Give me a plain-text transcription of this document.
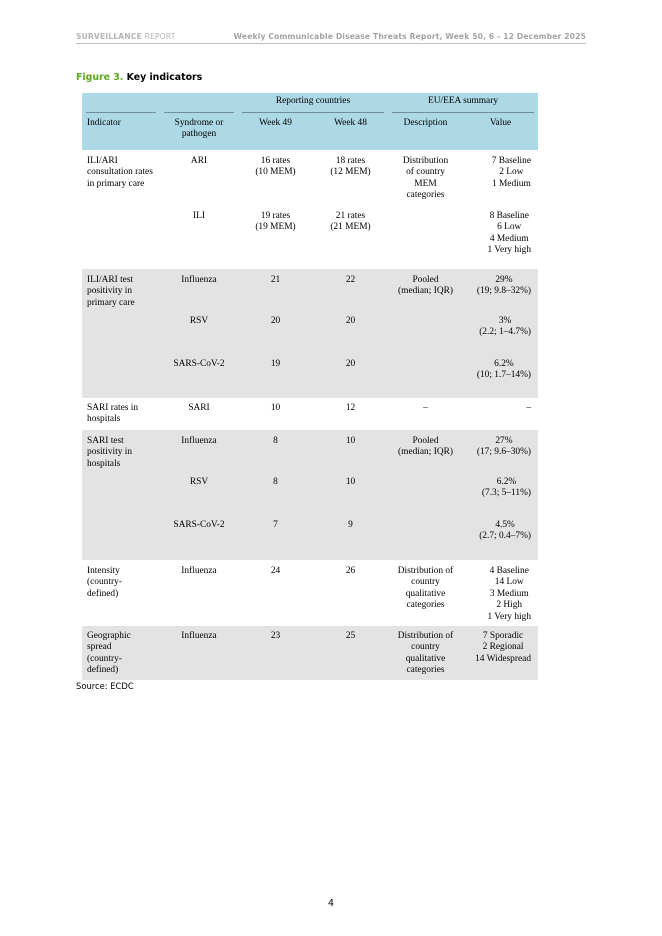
SURVEILLANCE REPORT	Weekly Communicable Disease Threats Report, Week 50, 6 - 12 December 2025
Figure 3. Key indicators

		Reporting countries		EU/EEA summary	

Indicator	Syndrome or pathogen	Week 49	Week 48	Description	Value
ILI/ARI consultation rates in primary care	ARI	16 rates
(10 MEM)	18 rates
(12 MEM)	Distribution
of country
MEM
categories	7 Baseline
2 Low
1 Medium
	ILI	19 rates
(19 MEM)	21 rates
(21 MEM)		8 Baseline
6 Low
4 Medium
1 Very high
ILI/ARI test positivity in primary care	Influenza	21	22	Pooled
(median; IQR)	29%
(19; 9.8–32%)
	RSV	20	20		3%
(2.2; 1–4.7%)
	SARS-CoV-2	19	20		6.2%
(10; 1.7–14%)
SARI rates in hospitals	SARI	10	12	–	–
SARI test positivity in hospitals	Influenza	8	10	Pooled
(median; IQR)	27%
(17; 9.6–30%)
	RSV	8	10		6.2%
(7.3; 5–11%)
	SARS-CoV-2	7	9		4.5%
(2.7; 0.4–7%)
Intensity
(country-
defined)	Influenza	24	26	Distribution of
country
qualitative
categories	4 Baseline
14 Low
3 Medium
2 High
1 Very high
Geographic
spread
(country-
defined)	Influenza	23	25	Distribution of
country
qualitative
categories	7 Sporadic
2 Regional
14 Widespread
Source: ECDC
4
